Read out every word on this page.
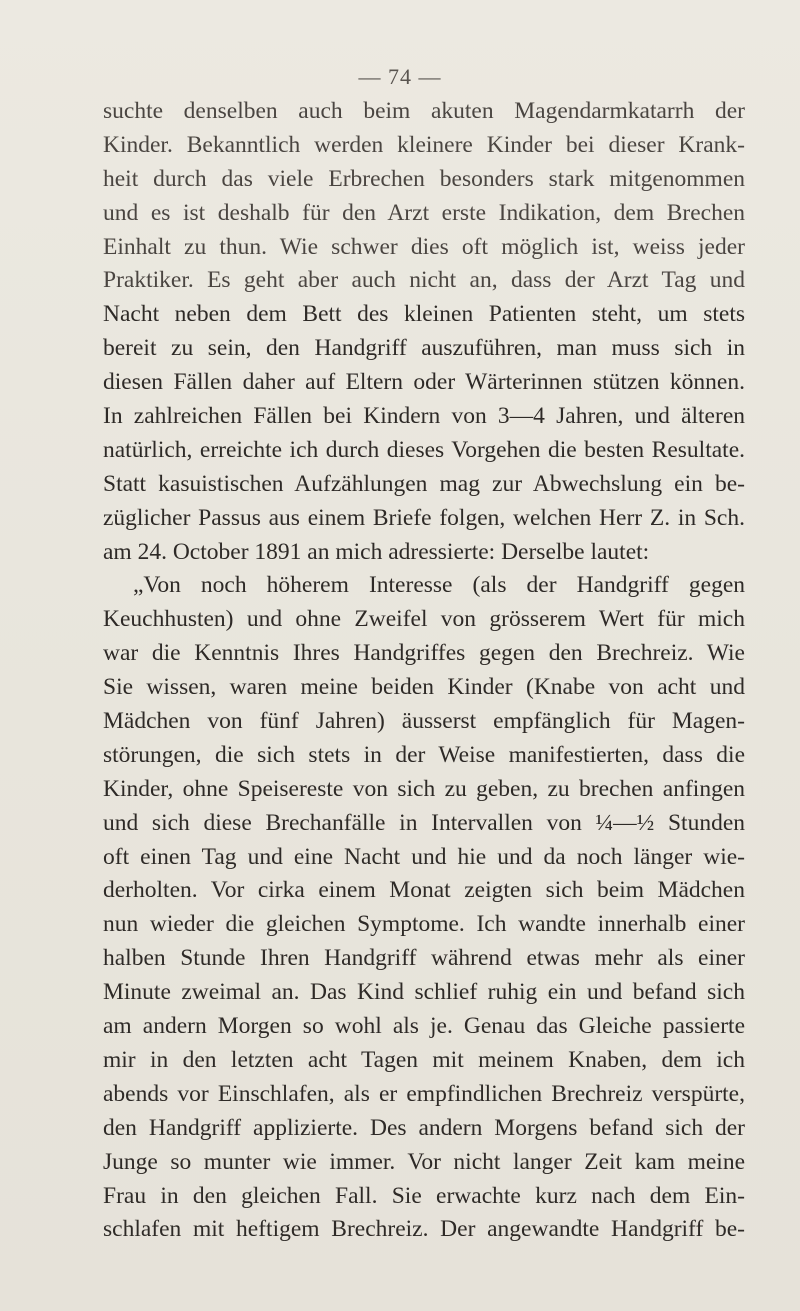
— 74 —
suchte denselben auch beim akuten Magendarmkatarrh der
Kinder. Bekanntlich werden kleinere Kinder bei dieser Krank-
heit durch das viele Erbrechen besonders stark mitgenommen
und es ist deshalb für den Arzt erste Indikation, dem Brechen
Einhalt zu thun. Wie schwer dies oft möglich ist, weiss jeder
Praktiker. Es geht aber auch nicht an, dass der Arzt Tag und
Nacht neben dem Bett des kleinen Patienten steht, um stets
bereit zu sein, den Handgriff auszuführen, man muss sich in
diesen Fällen daher auf Eltern oder Wärterinnen stützen können.
In zahlreichen Fällen bei Kindern von 3—4 Jahren, und älteren
natürlich, erreichte ich durch dieses Vorgehen die besten Resultate.
Statt kasuistischen Aufzählungen mag zur Abwechslung ein be-
züglicher Passus aus einem Briefe folgen, welchen Herr Z. in Sch.
am 24. October 1891 an mich adressierte: Derselbe lautet:
„Von noch höherem Interesse (als der Handgriff gegen
Keuchhusten) und ohne Zweifel von grösserem Wert für mich
war die Kenntnis Ihres Handgriffes gegen den Brechreiz. Wie
Sie wissen, waren meine beiden Kinder (Knabe von acht und
Mädchen von fünf Jahren) äusserst empfänglich für Magen-
störungen, die sich stets in der Weise manifestierten, dass die
Kinder, ohne Speisereste von sich zu geben, zu brechen anfingen
und sich diese Brechanfälle in Intervallen von ¼—½ Stunden
oft einen Tag und eine Nacht und hie und da noch länger wie-
derholten. Vor cirka einem Monat zeigten sich beim Mädchen
nun wieder die gleichen Symptome. Ich wandte innerhalb einer
halben Stunde Ihren Handgriff während etwas mehr als einer
Minute zweimal an. Das Kind schlief ruhig ein und befand sich
am andern Morgen so wohl als je. Genau das Gleiche passierte
mir in den letzten acht Tagen mit meinem Knaben, dem ich
abends vor Einschlafen, als er empfindlichen Brechreiz verspürte,
den Handgriff applizierte. Des andern Morgens befand sich der
Junge so munter wie immer. Vor nicht langer Zeit kam meine
Frau in den gleichen Fall. Sie erwachte kurz nach dem Ein-
schlafen mit heftigem Brechreiz. Der angewandte Handgriff be-
